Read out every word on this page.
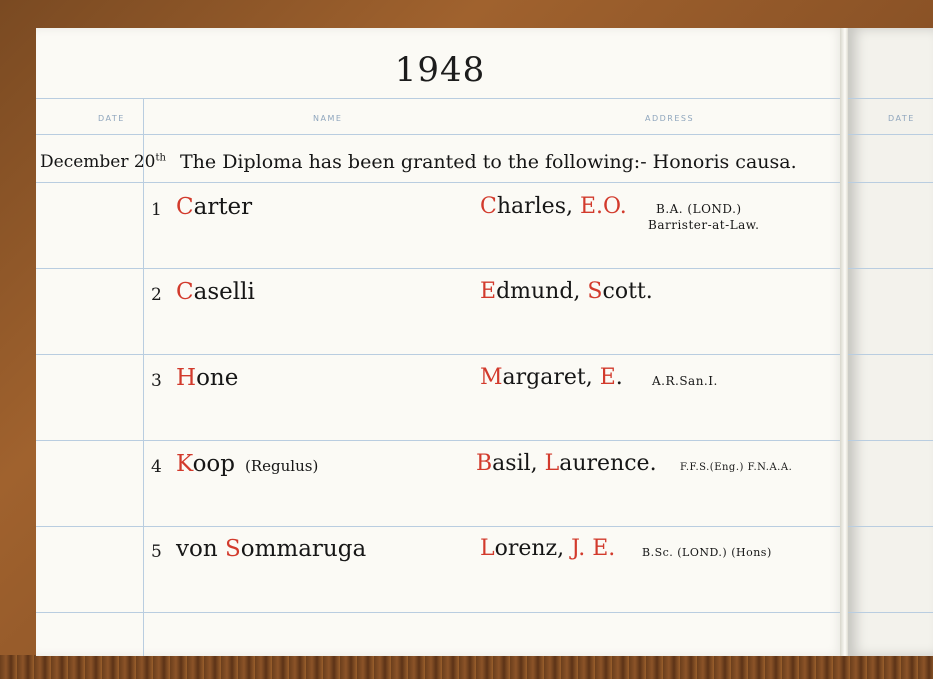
1948
DATE	NAME	ADDRESS
December 20th The Diploma has been granted to the following:- Honoris causa.
1 Carter	Charles, E.O. B.A. (LOND.)
Barrister-at-Law.
2 Caselli	Edmund, Scott.
3 Hone	Margaret, E. A.R.San.I.
4 Koop (Regulus)	Basil, Laurence. F.F.S.(Eng.) F.N.A.A.
5 von Sommaruga	Lorenz, J. E. B.Sc. (LOND.) (Hons)
DATE
